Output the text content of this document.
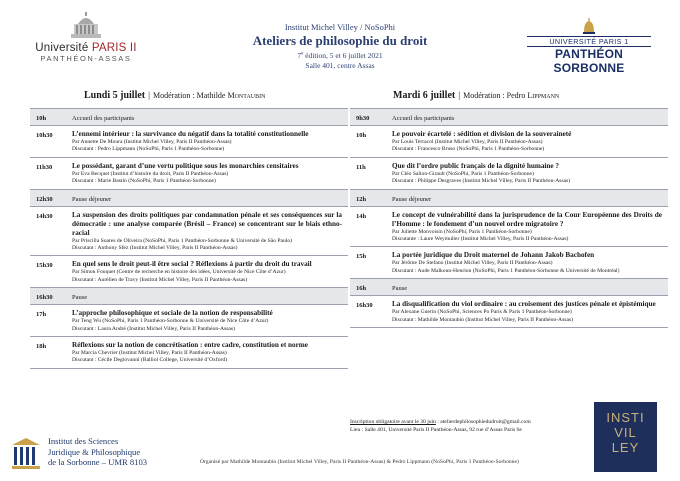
Université PARIS II
PANTHÉON-ASSAS
Institut Michel Villey / NoSoPhi
Ateliers de philosophie du droit
7e édition, 5 et 6 juillet 2021
Salle 401, centre Assas
UNIVERSITÉ PARIS 1
PANTHÉON SORBONNE
Lundi 5 juillet | Modération : Mathilde Montaubin	Mardi 6 juillet | Modération : Pedro Lippmann
10h	Accueil des participants
10h30	L’ennemi intérieur : la survivance du négatif dans la totalité constitutionnelle
Par Annette De Moura (Institut Michel Villey, Paris II Panthéon-Assas)
Discutant : Pedro Lippmann (NoSoPhi, Paris 1 Panthéon-Sorbonne)
11h30	Le possédant, garant d’une vertu politique sous les monarchies censitaires
Par Eva Becquet (Institut d’histoire du droit, Paris II Panthéon-Assas)
Discutant : Marie Bastin (NoSoPhi, Paris 1 Panthéon-Sorbonne)
12h30	Pause déjeuner
14h30	La suspension des droits politiques par condamnation pénale et ses conséquences sur la démocratie : une analyse comparée (Brésil – France) se concentrant sur le biais ethno-racial
Par Priscilla Soares de Oliveira (NoSoPhi, Paris 1 Panthéon-Sorbonne & Université de São Paulo)
Discutant : Anthony Sfez (Institut Michel Villey, Paris II Panthéon-Assas)
15h30	En quel sens le droit peut-il être social ? Réflexions à partir du droit du travail
Par Simon Fouquet (Centre de recherche en histoire des idées, Université de Nice Côte d’Azur)
Discutant : Aurélien de Travy (Institut Michel Villey, Paris II Panthéon-Assas)
16h30	Pause
17h	L’approche philosophique et sociale de la notion de responsabilité
Par Teng Wu (NoSoPhi, Paris 1 Panthéon-Sorbonne & Université de Nice Côte d’Azur)
Discutant : Laura André (Institut Michel Villey, Paris II Panthéon-Assas)
18h	Réflexions sur la notion de concrétisation : entre cadre, constitution et norme
Par Marcia Chevrier (Institut Michel Villey, Paris II Panthéon-Assas)
Discutant : Cécile Degiovanni (Balliol College, Université d’Oxford)
9h30	Accueil des participants
10h	Le pouvoir écartelé : sédition et division de la souveraineté
Par Louis Terracol (Institut Michel Villey, Paris II Panthéon-Assas)
Discutant : Francesco Bruso (NoSoPhi, Paris 1 Panthéon-Sorbonne)
11h	Que dit l’ordre public français de la dignité humaine ?
Par Cléo Salion-Girault (NoSoPhi, Paris 1 Panthéon-Sorbonne)
Discutant : Philippe Desgraves (Institut Michel Villey, Paris II Panthéon-Assas)
12h	Pause déjeuner
14h	Le concept de vulnérabilité dans la jurisprudence de la Cour Européenne des Droits de l’Homme : le fondement d’un nouvel ordre migratoire ?
Par Juliette Monvoisin (NoSoPhi, Paris 1 Panthéon-Sorbonne)
Discutante : Laure Weymuller (Institut Michel Villey, Paris II Panthéon-Assas)
15h	La portée juridique du Droit maternel de Johann Jakob Bachofen
Par Jérôme De Stefano (Institut Michel Villey, Paris II Panthéon-Assas)
Discutant : Aude Malkoun-Henrion (NoSoPhi, Paris 1 Panthéon-Sorbonne & Université de Montréal)
16h	Pause
16h30	La disqualification du viol ordinaire : au croisement des justices pénale et épistémique
Par Alexane Guerin (NoSoPhi, Sciences Po Paris & Paris 1 Panthéon-Sorbonne)
Discutant : Mathilde Montaubin (Institut Michel Villey, Paris II Panthéon-Assas)
Inscription obligatoire avant le 30 juin : atelierdephilosophiedudroit@gmail.com
Lieu : Salle 401, Université Paris II Panthéon-Assas, 92 rue d’Assas Paris 6e
INSTI
VIL
LEY
Institut des Sciences
Juridique & Philosophique
de la Sorbonne – UMR 8103	Organisé par Mathilde Montaubin (Institut Michel Villey, Paris II Panthéon-Assas) & Pedro Lippmann (NoSoPhi, Paris 1 Panthéon-Sorbonne)
